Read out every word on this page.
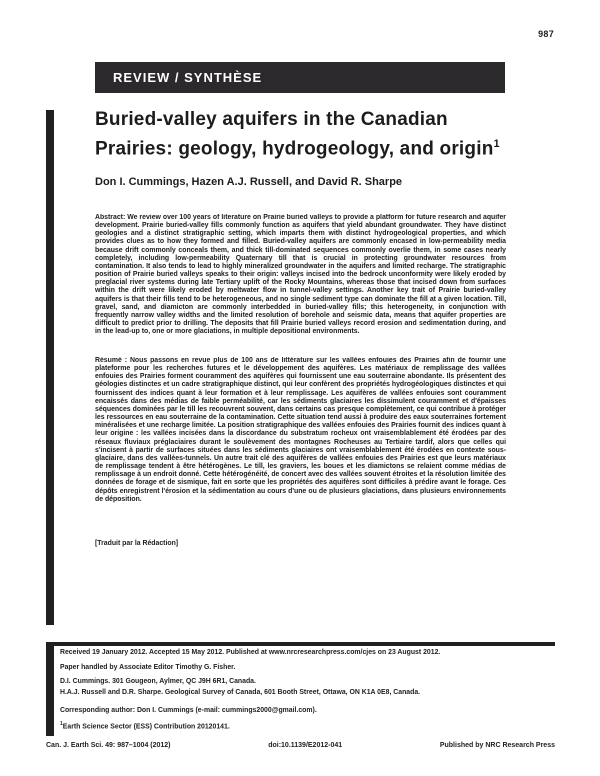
987
REVIEW / SYNTHÈSE
Buried-valley aquifers in the Canadian Prairies: geology, hydrogeology, and origin$^1$
Don I. Cummings, Hazen A.J. Russell, and David R. Sharpe

Abstract: We review over 100 years of literature on Prairie buried valleys to provide a platform for future research and aquifer development. Prairie buried-valley fills commonly function as aquifers that yield abundant groundwater. They have distinct geologies and a distinct stratigraphic setting, which imparts them with distinct hydrogeological properties, and which provides clues as to how they formed and filled. Buried-valley aquifers are commonly encased in low-permeability media because drift commonly conceals them, and thick till-dominated sequences commonly overlie them, in some cases nearly completely, including low-permeability Quaternary till that is crucial in protecting groundwater resources from contamination. It also tends to lead to highly mineralized groundwater in the aquifers and limited recharge. The stratigraphic position of Prairie buried valleys speaks to their origin: valleys incised into the bedrock unconformity were likely eroded by preglacial river systems during late Tertiary uplift of the Rocky Mountains, whereas those that incised down from surfaces within the drift were likely eroded by meltwater flow in tunnel-valley settings. Another key trait of Prairie buried-valley aquifers is that their fills tend to be heterogeneous, and no single sediment type can dominate the fill at a given location. Till, gravel, sand, and diamicton are commonly interbedded in buried-valley fills; this heterogeneity, in conjunction with frequently narrow valley widths and the limited resolution of borehole and seismic data, means that aquifer properties are difficult to predict prior to drilling. The deposits that fill Prairie buried valleys record erosion and sedimentation during, and in the lead-up to, one or more glaciations, in multiple depositional environments.

Résumé : Nous passons en revue plus de 100 ans de littérature sur les vallées enfouies des Prairies afin de fournir une plateforme pour les recherches futures et le développement des aquifères. Les matériaux de remplissage des vallées enfouies des Prairies forment couramment des aquifères qui fournissent une eau souterraine abondante. Ils présentent des géologies distinctes et un cadre stratigraphique distinct, qui leur confèrent des propriétés hydrogéologiques distinctes et qui fournissent des indices quant à leur formation et à leur remplissage. Les aquifères de vallées enfouies sont couramment encaissés dans des médias de faible perméabilité, car les sédiments glaciaires les dissimulent couramment et d'épaisses séquences dominées par le till les recouvrent souvent, dans certains cas presque complètement, ce qui contribue à protéger les ressources en eau souterraine de la contamination. Cette situation tend aussi à produire des eaux souterraines fortement minéralisées et une recharge limitée. La position stratigraphique des vallées enfouies des Prairies fournit des indices quant à leur origine : les vallées incisées dans la discordance du substratum rocheux ont vraisemblablement été érodées par des réseaux fluviaux préglaciaires durant le soulèvement des montagnes Rocheuses au Tertiaire tardif, alors que celles qui s'incisent à partir de surfaces situées dans les sédiments glaciaires ont vraisemblablement été érodées en contexte sous-glaciaire, dans des vallées-tunnels. Un autre trait clé des aquifères de vallées enfouies des Prairies est que leurs matériaux de remplissage tendent à être hétérogènes. Le till, les graviers, les boues et les diamictons se relaient comme médias de remplissage à un endroit donné. Cette hétérogénéité, de concert avec des vallées souvent étroites et la résolution limitée des données de forage et de sismique, fait en sorte que les propriétés des aquifères sont difficiles à prédire avant le forage. Ces dépôts enregistrent l'érosion et la sédimentation au cours d'une ou de plusieurs glaciations, dans plusieurs environnements de déposition.

[Traduit par la Rédaction]

Received 19 January 2012. Accepted 15 May 2012. Published at www.nrcresearchpress.com/cjes on 23 August 2012.

Paper handled by Associate Editor Timothy G. Fisher.

D.I. Cummings. 301 Gougeon, Aylmer, QC J9H 6R1, Canada.

H.A.J. Russell and D.R. Sharpe. Geological Survey of Canada, 601 Booth Street, Ottawa, ON K1A 0E8, Canada.

Corresponding author: Don I. Cummings (e-mail: cummings2000@gmail.com).

$^1$Earth Science Sector (ESS) Contribution 20120141.

Can. J. Earth Sci. 49: 987–1004 (2012)	doi:10.1139/E2012-041	Published by NRC Research Press
